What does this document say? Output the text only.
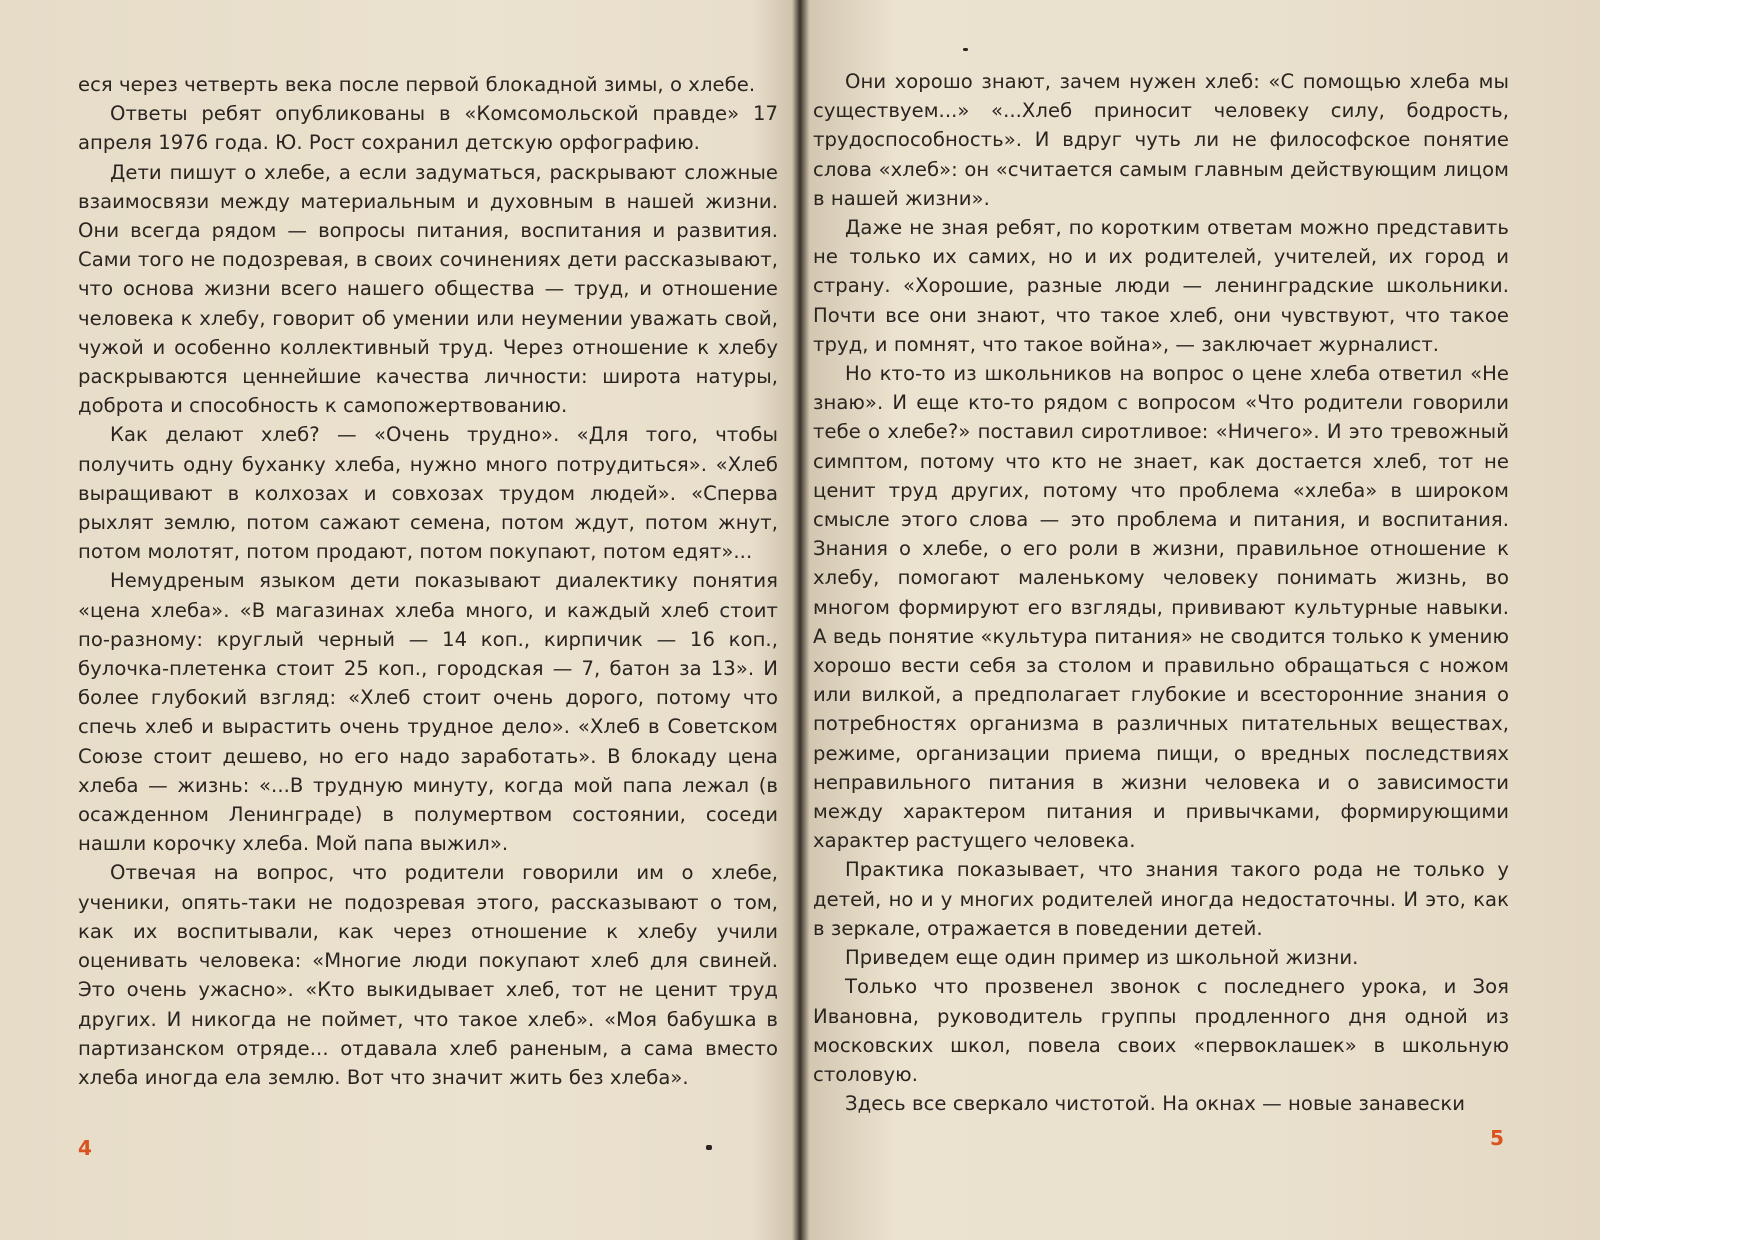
еся через четверть века после первой блокадной зимы, о хлебе.

Ответы ребят опубликованы в «Комсомольской правде» 17 апреля 1976 года. Ю. Рост сохранил детскую орфографию.

Дети пишут о хлебе, а если задуматься, раскрывают сложные взаимосвязи между материальным и духовным в нашей жизни. Они всегда рядом — вопросы питания, воспитания и развития. Сами того не подозревая, в своих сочинениях дети рассказывают, что основа жизни всего нашего общества — труд, и отношение человека к хлебу, говорит об умении или неумении уважать свой, чужой и особенно коллективный труд. Через отношение к хлебу раскрываются ценнейшие качества личности: широта натуры, доброта и способность к самопожертвованию.

Как делают хлеб? — «Очень трудно». «Для того, чтобы получить одну буханку хлеба, нужно много потрудиться». «Хлеб выращивают в колхозах и совхозах трудом людей». «Сперва рыхлят землю, потом сажают семена, потом ждут, потом жнут, потом молотят, потом продают, потом покупают, потом едят»...

Немудреным языком дети показывают диалектику понятия «цена хлеба». «В магазинах хлеба много, и каждый хлеб стоит по-разному: круглый черный — 14 коп., кирпичик — 16 коп., булочка-плетенка стоит 25 коп., городская — 7, батон за 13». И более глубокий взгляд: «Хлеб стоит очень дорого, потому что спечь хлеб и вырастить очень трудное дело». «Хлеб в Советском Союзе стоит дешево, но его надо заработать». В блокаду цена хлеба — жизнь: «...В трудную минуту, когда мой папа лежал (в осажденном Ленинграде) в полумертвом состоянии, соседи нашли корочку хлеба. Мой папа выжил».

Отвечая на вопрос, что родители говорили им о хлебе, ученики, опять-таки не подозревая этого, рассказывают о том, как их воспитывали, как через отношение к хлебу учили оценивать человека: «Многие люди покупают хлеб для свиней. Это очень ужасно». «Кто выкидывает хлеб, тот не ценит труд других. И никогда не поймет, что такое хлеб». «Моя бабушка в партизанском отряде... отдавала хлеб раненым, а сама вместо хлеба иногда ела землю. Вот что значит жить без хлеба».

Они хорошо знают, зачем нужен хлеб: «С помощью хлеба мы существуем...» «...Хлеб приносит человеку силу, бодрость, трудоспособность». И вдруг чуть ли не философское понятие слова «хлеб»: он «считается самым главным действующим лицом в нашей жизни».

Даже не зная ребят, по коротким ответам можно представить не только их самих, но и их родителей, учителей, их город и страну. «Хорошие, разные люди — ленинградские школьники. Почти все они знают, что такое хлеб, они чувствуют, что такое труд, и помнят, что такое война», — заключает журналист.

Но кто-то из школьников на вопрос о цене хлеба ответил «Не знаю». И еще кто-то рядом с вопросом «Что родители говорили тебе о хлебе?» поставил сиротливое: «Ничего». И это тревожный симптом, потому что кто не знает, как достается хлеб, тот не ценит труд других, потому что проблема «хлеба» в широком смысле этого слова — это проблема и питания, и воспитания. Знания о хлебе, о его роли в жизни, правильное отношение к хлебу, помогают маленькому человеку понимать жизнь, во многом формируют его взгляды, прививают культурные навыки. А ведь понятие «культура питания» не сводится только к умению хорошо вести себя за столом и правильно обращаться с ножом или вилкой, а предполагает глубокие и всесторонние знания о потребностях организма в различных питательных веществах, режиме, организации приема пищи, о вредных последствиях неправильного питания в жизни человека и о зависимости между характером питания и привычками, формирующими характер растущего человека.

Практика показывает, что знания такого рода не только у детей, но и у многих родителей иногда недостаточны. И это, как в зеркале, отражается в поведении детей.

Приведем еще один пример из школьной жизни.

Только что прозвенел звонок с последнего урока, и Зоя Ивановна, руководитель группы продленного дня одной из московских школ, повела своих «первоклашек» в школьную столовую.

Здесь все сверкало чистотой. На окнах — новые занавески

4	5
